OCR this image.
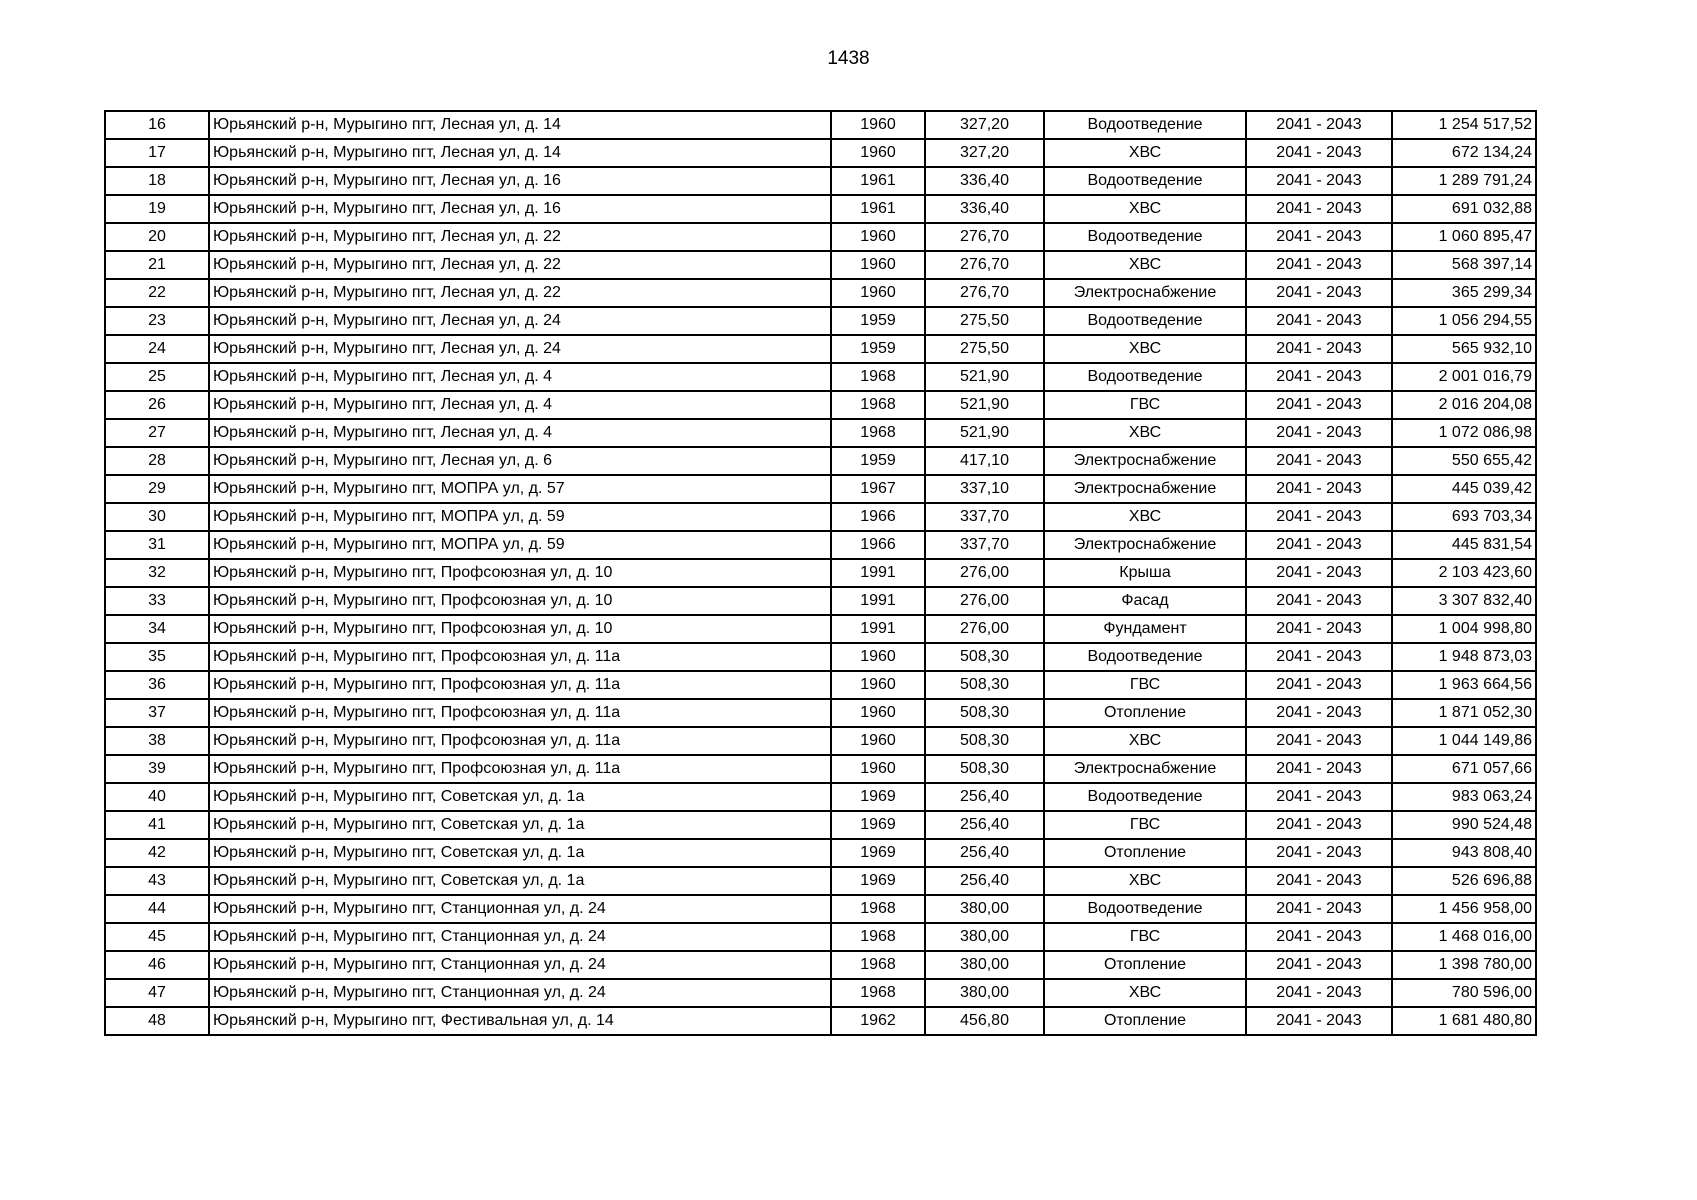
1438
16	Юрьянский р-н, Мурыгино пгт, Лесная ул, д. 14	1960	327,20	Водоотведение	2041 - 2043	1 254 517,52
17	Юрьянский р-н, Мурыгино пгт, Лесная ул, д. 14	1960	327,20	ХВС	2041 - 2043	672 134,24
18	Юрьянский р-н, Мурыгино пгт, Лесная ул, д. 16	1961	336,40	Водоотведение	2041 - 2043	1 289 791,24
19	Юрьянский р-н, Мурыгино пгт, Лесная ул, д. 16	1961	336,40	ХВС	2041 - 2043	691 032,88
20	Юрьянский р-н, Мурыгино пгт, Лесная ул, д. 22	1960	276,70	Водоотведение	2041 - 2043	1 060 895,47
21	Юрьянский р-н, Мурыгино пгт, Лесная ул, д. 22	1960	276,70	ХВС	2041 - 2043	568 397,14
22	Юрьянский р-н, Мурыгино пгт, Лесная ул, д. 22	1960	276,70	Электроснабжение	2041 - 2043	365 299,34
23	Юрьянский р-н, Мурыгино пгт, Лесная ул, д. 24	1959	275,50	Водоотведение	2041 - 2043	1 056 294,55
24	Юрьянский р-н, Мурыгино пгт, Лесная ул, д. 24	1959	275,50	ХВС	2041 - 2043	565 932,10
25	Юрьянский р-н, Мурыгино пгт, Лесная ул, д. 4	1968	521,90	Водоотведение	2041 - 2043	2 001 016,79
26	Юрьянский р-н, Мурыгино пгт, Лесная ул, д. 4	1968	521,90	ГВС	2041 - 2043	2 016 204,08
27	Юрьянский р-н, Мурыгино пгт, Лесная ул, д. 4	1968	521,90	ХВС	2041 - 2043	1 072 086,98
28	Юрьянский р-н, Мурыгино пгт, Лесная ул, д. 6	1959	417,10	Электроснабжение	2041 - 2043	550 655,42
29	Юрьянский р-н, Мурыгино пгт, МОПРА ул, д. 57	1967	337,10	Электроснабжение	2041 - 2043	445 039,42
30	Юрьянский р-н, Мурыгино пгт, МОПРА ул, д. 59	1966	337,70	ХВС	2041 - 2043	693 703,34
31	Юрьянский р-н, Мурыгино пгт, МОПРА ул, д. 59	1966	337,70	Электроснабжение	2041 - 2043	445 831,54
32	Юрьянский р-н, Мурыгино пгт, Профсоюзная ул, д. 10	1991	276,00	Крыша	2041 - 2043	2 103 423,60
33	Юрьянский р-н, Мурыгино пгт, Профсоюзная ул, д. 10	1991	276,00	Фасад	2041 - 2043	3 307 832,40
34	Юрьянский р-н, Мурыгино пгт, Профсоюзная ул, д. 10	1991	276,00	Фундамент	2041 - 2043	1 004 998,80
35	Юрьянский р-н, Мурыгино пгт, Профсоюзная ул, д. 11а	1960	508,30	Водоотведение	2041 - 2043	1 948 873,03
36	Юрьянский р-н, Мурыгино пгт, Профсоюзная ул, д. 11а	1960	508,30	ГВС	2041 - 2043	1 963 664,56
37	Юрьянский р-н, Мурыгино пгт, Профсоюзная ул, д. 11а	1960	508,30	Отопление	2041 - 2043	1 871 052,30
38	Юрьянский р-н, Мурыгино пгт, Профсоюзная ул, д. 11а	1960	508,30	ХВС	2041 - 2043	1 044 149,86
39	Юрьянский р-н, Мурыгино пгт, Профсоюзная ул, д. 11а	1960	508,30	Электроснабжение	2041 - 2043	671 057,66
40	Юрьянский р-н, Мурыгино пгт, Советская ул, д. 1а	1969	256,40	Водоотведение	2041 - 2043	983 063,24
41	Юрьянский р-н, Мурыгино пгт, Советская ул, д. 1а	1969	256,40	ГВС	2041 - 2043	990 524,48
42	Юрьянский р-н, Мурыгино пгт, Советская ул, д. 1а	1969	256,40	Отопление	2041 - 2043	943 808,40
43	Юрьянский р-н, Мурыгино пгт, Советская ул, д. 1а	1969	256,40	ХВС	2041 - 2043	526 696,88
44	Юрьянский р-н, Мурыгино пгт, Станционная ул, д. 24	1968	380,00	Водоотведение	2041 - 2043	1 456 958,00
45	Юрьянский р-н, Мурыгино пгт, Станционная ул, д. 24	1968	380,00	ГВС	2041 - 2043	1 468 016,00
46	Юрьянский р-н, Мурыгино пгт, Станционная ул, д. 24	1968	380,00	Отопление	2041 - 2043	1 398 780,00
47	Юрьянский р-н, Мурыгино пгт, Станционная ул, д. 24	1968	380,00	ХВС	2041 - 2043	780 596,00
48	Юрьянский р-н, Мурыгино пгт, Фестивальная ул, д. 14	1962	456,80	Отопление	2041 - 2043	1 681 480,80
